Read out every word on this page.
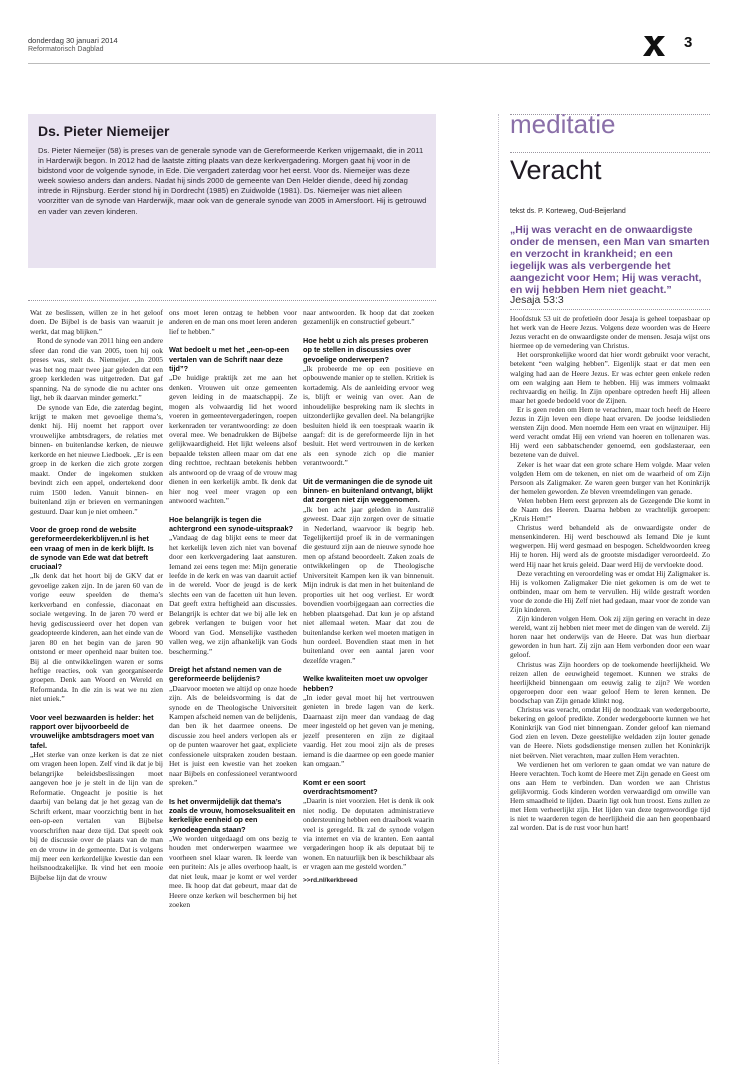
donderdag 30 januari 2014
Reformatorisch Dagblad	3
Ds. Pieter Niemeijer

Ds. Pieter Niemeijer (58) is preses van de generale synode van de Gereformeerde Kerken vrijgemaakt, die in 2011 in Harderwijk begon. In 2012 had de laatste zitting plaats van deze kerkvergadering. Morgen gaat hij voor in de bidstond voor de volgende synode, in Ede. Die vergadert zaterdag voor het eerst. Voor ds. Niemeijer was deze week sowieso anders dan anders. Nadat hij sinds 2000 de gemeente van Den Helder diende, deed hij zondag intrede in Rijnsburg. Eerder stond hij in Dordrecht (1985) en Zuidwolde (1981). Ds. Niemeijer was niet alleen voorzitter van de synode van Harderwijk, maar ook van de generale synode van 2005 in Amersfoort. Hij is getrouwd en vader van zeven kinderen.

Wat ze beslissen, willen ze in het geloof doen. De Bijbel is de basis van waaruit je werkt, dat mag blijken.”

Rond de synode van 2011 hing een andere sfeer dan rond die van 2005, toen hij ook preses was, stelt ds. Niemeijer. „In 2005 was het nog maar twee jaar geleden dat een groep kerkleden was uitgetreden. Dat gaf spanning. Na de synode die nu achter ons ligt, heb ik daarvan minder gemerkt.”

De synode van Ede, die zaterdag begint, krijgt te maken met gevoelige thema’s, denkt hij. Hij noemt het rapport over vrouwelijke ambtsdragers, de relaties met binnen- en buitenlandse kerken, de nieuwe kerkorde en het nieuwe Liedboek. „Er is een groep in de kerken die zich grote zorgen maakt. Onder de ingekomen stukken bevindt zich een appel, ondertekend door ruim 1500 leden. Vanuit binnen- en buitenland zijn er brieven en vermaningen gestuurd. Daar kun je niet omheen.”

Voor de groep rond de website gereformeerdekerkblijven.nl is het een vraag of men in de kerk blijft. Is de synode van Ede wat dat betreft cruciaal?

„Ik denk dat het hoort bij de GKV dat er gevoelige zaken zijn. In de jaren 60 van de vorige eeuw speelden de thema’s kerkverband en confessie, diaconaat en sociale wetgeving. In de jaren 70 werd er hevig gediscussieerd over het dopen van geadopteerde kinderen, aan het einde van de jaren 80 en het begin van de jaren 90 ontstond er meer openheid naar buiten toe. Bij al die ontwikkelingen waren er soms heftige reacties, ook van georganiseerde groepen. Denk aan Woord en Wereld en Reformanda. In die zin is wat we nu zien niet uniek.”

Voor veel bezwaarden is helder: het rapport over bijvoorbeeld de vrouwelijke ambtsdragers moet van tafel.

„Het sterke van onze kerken is dat ze niet om vragen heen lopen. Zelf vind ik dat je bij belangrijke beleidsbeslissingen moet aangeven hoe je je stelt in de lijn van de Reformatie. Ongeacht je positie is het daarbij van belang dat je het gezag van de Schrift erkent, maar voorzichtig bent in het een-op-een vertalen van Bijbelse voorschriften naar deze tijd. Dat speelt ook bij de discussie over de plaats van de man en de vrouw in de gemeente. Dat is volgens mij meer een kerkordelijke kwestie dan een heilsnoodzakelijke. Ik vind het een mooie Bijbelse lijn dat de vrouw

ons moet leren ontzag te hebben voor anderen en de man ons moet leren anderen lief te hebben.”

Wat bedoelt u met het „een-op-een vertalen van de Schrift naar deze tijd”?

„De huidige praktijk zet me aan het denken. Vrouwen uit onze gemeenten geven leiding in de maatschappij. Ze mogen als volwaardig lid het woord voeren in gemeentevergaderingen, roepen kerkenraden ter verantwoording: ze doen overal mee. We benadrukken de Bijbelse gelijkwaardigheid. Het lijkt weleens alsof bepaalde teksten alleen maar om dat ene ding rechttoe, rechtaan betekenis hebben als antwoord op de vraag of de vrouw mag dienen in een kerkelijk ambt. Ik denk dat hier nog veel meer vragen op een antwoord wachten.”

Hoe belangrijk is tegen die achtergrond een synode-uitspraak?

„Vandaag de dag blijkt eens te meer dat het kerkelijk leven zich niet van bovenaf door een kerkvergadering laat aansturen. Iemand zei eens tegen me: Mijn generatie leefde in de kerk en was van daaruit actief in de wereld. Voor de jeugd is de kerk slechts een van de facetten uit hun leven. Dat geeft extra heftigheid aan discussies. Belangrijk is echter dat we bij alle lek en gebrek verlangen te buigen voor het Woord van God. Menselijke vastheden vallen weg, we zijn afhankelijk van Gods bescherming.”

Dreigt het afstand nemen van de gereformeerde belijdenis?

„Daarvoor moeten we altijd op onze hoede zijn. Als de beleidsvorming is dat de synode en de Theologische Universiteit Kampen afscheid nemen van de belijdenis, dan ben ik het daarmee oneens. De discussie zou heel anders verlopen als er op de punten waarover het gaat, expliciete confessionele uitspraken zouden bestaan. Het is juist een kwestie van het zoeken naar Bijbels en confessioneel verantwoord spreken.”

Is het onvermijdelijk dat thema’s zoals de vrouw, homoseksualiteit en kerkelijke eenheid op een synodeagenda staan?

„We worden uitgedaagd om ons bezig te houden met onderwerpen waarmee we voorheen snel klaar waren. Ik leerde van een puritein: Als je alles overhoop haalt, is dat niet leuk, maar je komt er wel verder mee. Ik hoop dat dat gebeurt, maar dat de Heere onze kerken wil beschermen bij het zoeken

naar antwoorden. Ik hoop dat dat zoeken gezamenlijk en constructief gebeurt.”

Hoe hebt u zich als preses proberen op te stellen in discussies over gevoelige onderwerpen?

„Ik probeerde me op een positieve en opbouwende manier op te stellen. Kritiek is kortademig. Als de aanleiding ervoor weg is, blijft er weinig van over. Aan de inhoudelijke bespreking nam ik slechts in uitzonderlijke gevallen deel. Na belangrijke besluiten hield ik een toespraak waarin ik aangaf: dit is de gereformeerde lijn in het besluit. Het werd vertrouwen in de kerken als een synode zich op die manier verantwoordt.”

Uit de vermaningen die de synode uit binnen- en buitenland ontvangt, blijkt dat zorgen niet zijn weggenomen.

„Ik ben acht jaar geleden in Australië geweest. Daar zijn zorgen over de situatie in Nederland, waarvoor ik begrip heb. Tegelijkertijd proef ik in de vermaningen die gestuurd zijn aan de nieuwe synode hoe men op afstand beoordeelt. Zaken zoals de ontwikkelingen op de Theologische Universiteit Kampen ken ik van binnenuit. Mijn indruk is dat men in het buitenland de proporties uit het oog verliest. Er wordt bovendien voorbijgegaan aan correcties die hebben plaatsgehad. Dat kun je op afstand niet allemaal weten. Maar dat zou de buitenlandse kerken wel moeten matigen in hun oordeel. Bovendien staat men in het buitenland over een aantal jaren voor dezelfde vragen.”

Welke kwaliteiten moet uw opvolger hebben?

„In ieder geval moet hij het vertrouwen genieten in brede lagen van de kerk. Daarnaast zijn meer dan vandaag de dag meer ingesteld op het geven van je mening, jezelf presenteren en zijn ze digitaal vaardig. Het zou mooi zijn als de preses iemand is die daarmee op een goede manier kan omgaan.”

Komt er een soort overdrachtsmoment?

„Daarin is niet voorzien. Het is denk ik ook niet nodig. De deputaten administratieve ondersteuning hebben een draaiboek waarin veel is geregeld. Ik zal de synode volgen via internet en via de kranten. Een aantal vergaderingen hoop ik als deputaat bij te wonen. En natuurlijk ben ik beschikbaar als er vragen aan me gesteld worden.”

>>rd.nl/kerkbreed
meditatie
Veracht
tekst ds. P. Korteweg, Oud-Beijerland
„Hij was veracht en de onwaardigste onder de mensen, een Man van smarten en verzocht in krankheid; en een iegelijk was als verbergende het aangezicht voor Hem; Hij was veracht, en wij hebben Hem niet geacht.”
Jesaja 53:3

Hoofdstuk 53 uit de profetieën door Jesaja is geheel toepasbaar op het werk van de Heere Jezus. Volgens deze woorden was de Heere Jezus veracht en de onwaardigste onder de mensen. Jesaja wijst ons hiermee op de vernedering van Christus.

Het oorspronkelijke woord dat hier wordt gebruikt voor veracht, betekent “een walging hebben”. Eigenlijk staat er dat men een walging had aan de Heere Jezus. Er was echter geen enkele reden om een walging aan Hem te hebben. Hij was immers volmaakt rechtvaardig en heilig. In Zijn openbare optreden heeft Hij alleen maar het goede bedoeld voor de Zijnen.

Er is geen reden om Hem te verachten, maar toch heeft de Heere Jezus in Zijn leven een diepe haat ervaren. De joodse leidslieden wensten Zijn dood. Men noemde Hem een vraat en wijnzuiper. Hij werd veracht omdat Hij een vriend van hoeren en tollenaren was. Hij werd een sabbatschender genoemd, een godslasteraar, een bezetene van de duivel.

Zeker is het waar dat een grote schare Hem volgde. Maar velen volgden Hem om de tekenen, en niet om de waarheid of om Zijn Persoon als Zaligmaker. Ze waren geen burger van het Koninkrijk der hemelen geworden. Ze bleven vreemdelingen van genade.

Velen hebben Hem eerst geprezen als de Gezegende Die komt in de Naam des Heeren. Daarna hebben ze vrachtelijk geroepen: „Kruis Hem!”

Christus werd behandeld als de onwaardigste onder de mensenkinderen. Hij werd beschouwd als Iemand Die je kunt wegwerpen. Hij werd gesmaad en bespogen. Scheldwoorden kreeg Hij te horen. Hij werd als de grootste misdadiger veroordeeld. Zo werd Hij naar het kruis geleid. Daar werd Hij de vervloekte dood.

Deze verachting en veroordeling was er omdat Hij Zaligmaker is. Hij is volkomen Zaligmaker Die niet gekomen is om de wet te ontbinden, maar om hem te vervullen. Hij wilde gestraft worden voor de zonde die Hij Zelf niet had gedaan, maar voor de zonde van Zijn kinderen.

Zijn kinderen volgen Hem. Ook zij zijn gering en veracht in deze wereld, want zij hebben niet meer met de dingen van de wereld. Zij horen naar het onderwijs van de Heere. Dat was hun dierbaar geworden in hun hart. Zij zijn aan Hem verbonden door een waar geloof.

Christus was Zijn hoorders op de toekomende heerlijkheid. We reizen allen de eeuwigheid tegemoet. Kunnen we straks de heerlijkheid binnengaan om eeuwig zalig te zijn? We worden opgeroepen door een waar geloof Hem te leren kennen. De boodschap van Zijn genade klinkt nog.

Christus was veracht, omdat Hij de noodzaak van wedergeboorte, bekering en geloof predikte. Zonder wedergeboorte kunnen we het Koninkrijk van God niet binnengaan. Zonder geloof kan niemand God zien en leven. Deze geestelijke weldaden zijn louter genade van de Heere. Niets godsdienstige mensen zullen het Koninkrijk niet beërven. Niet verachten, maar zullen Hem verachten.

We verdienen het om verloren te gaan omdat we van nature de Heere verachten. Toch komt de Heere met Zijn genade en Geest om ons aan Hem te verbinden. Dan worden we aan Christus gelijkvormig. Gods kinderen worden verwaardigd om onwille van Hem smaadheid te lijden. Daarin ligt ook hun troost. Eens zullen ze met Hem verheerlijkt zijn. Het lijden van deze tegenwoordige tijd is niet te waarderen tegen de heerlijkheid die aan hen geopenbaard zal worden. Dat is de rust voor hun hart!
